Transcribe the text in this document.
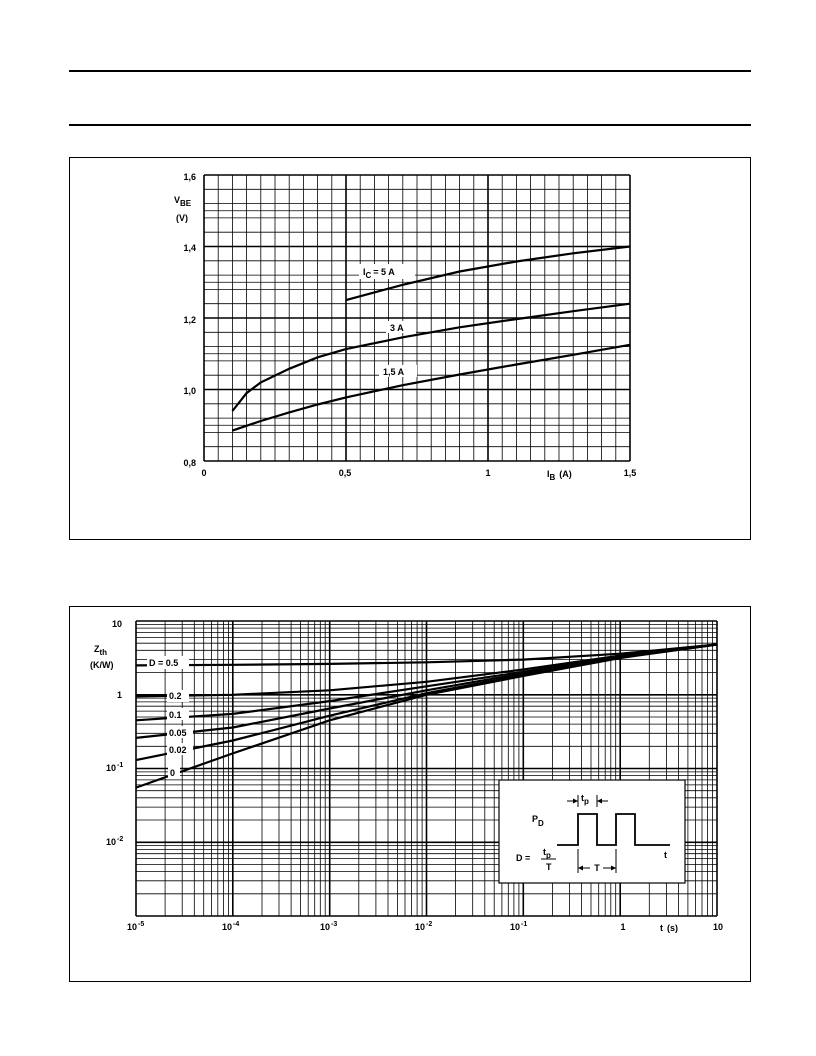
0,8
1,0
1,2
1,4
1,6
0	0,5	1	1,5
VBE
(V)
IB (A)
IC = 5 A
3 A
1,5 A
D = 0.5
0.2
0.1
0.05
0.02
0
Zth
(K/W)
10
1
$10^{-1}$
$10^{-2}$
$10^{-5}$	$10^{-4}$	$10^{-3}$	$10^{-2}$	$10^{-1}$	1	10
t (s)
tp
PD
t
T
D =
tp
T
